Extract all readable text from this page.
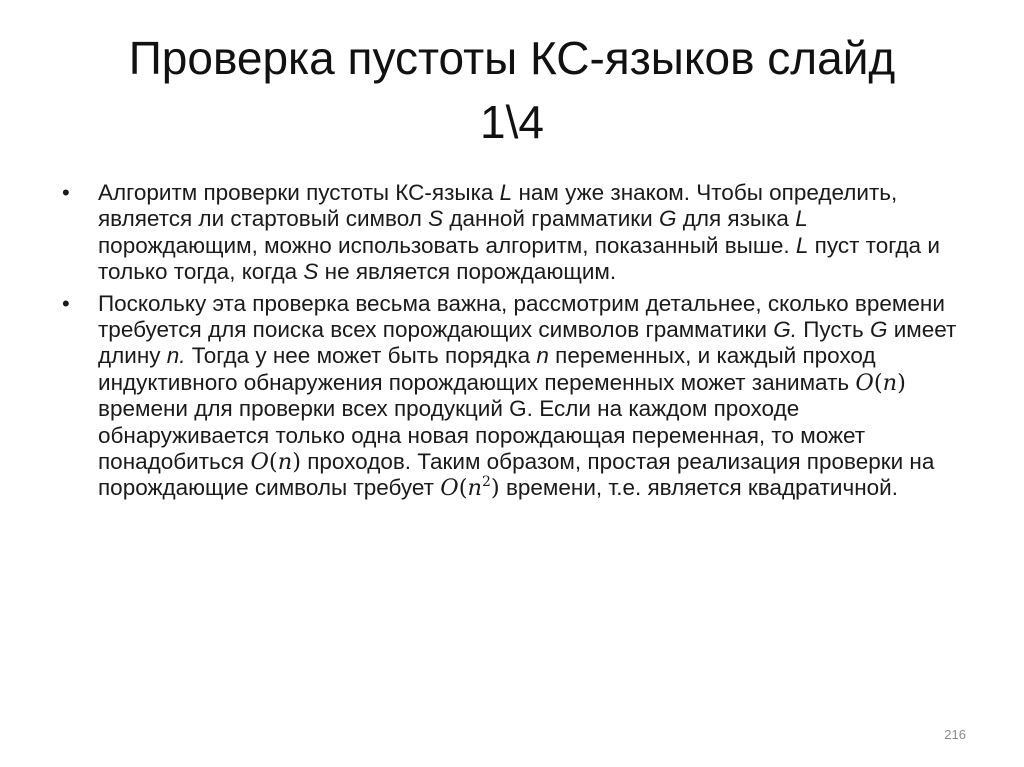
Проверка пустоты КС-языков слайд
1\4
•	Алгоритм проверки пустоты КС-языка L нам уже знаком. Чтобы определить, является ли стартовый символ S данной грамматики G для языка L порождающим, можно использовать алгоритм, показанный выше. L пуст тогда и только тогда, когда S не является порождающим.
•	Поскольку эта проверка весьма важна, рассмотрим детальнее, сколько времени требуется для поиска всех порождающих символов грамматики G. Пусть G имеет длину n. Тогда у нее может быть порядка n переменных, и каждый проход индуктивного обнаружения порождающих переменных может занимать O(n) времени для проверки всех продукций G. Если на каждом проходе обнаруживается только одна новая порождающая переменная, то может понадобиться O(n) проходов. Таким образом, простая реализация проверки на порождающие символы требует $O(n^2)$ времени, т.е. является квадратичной.
216
